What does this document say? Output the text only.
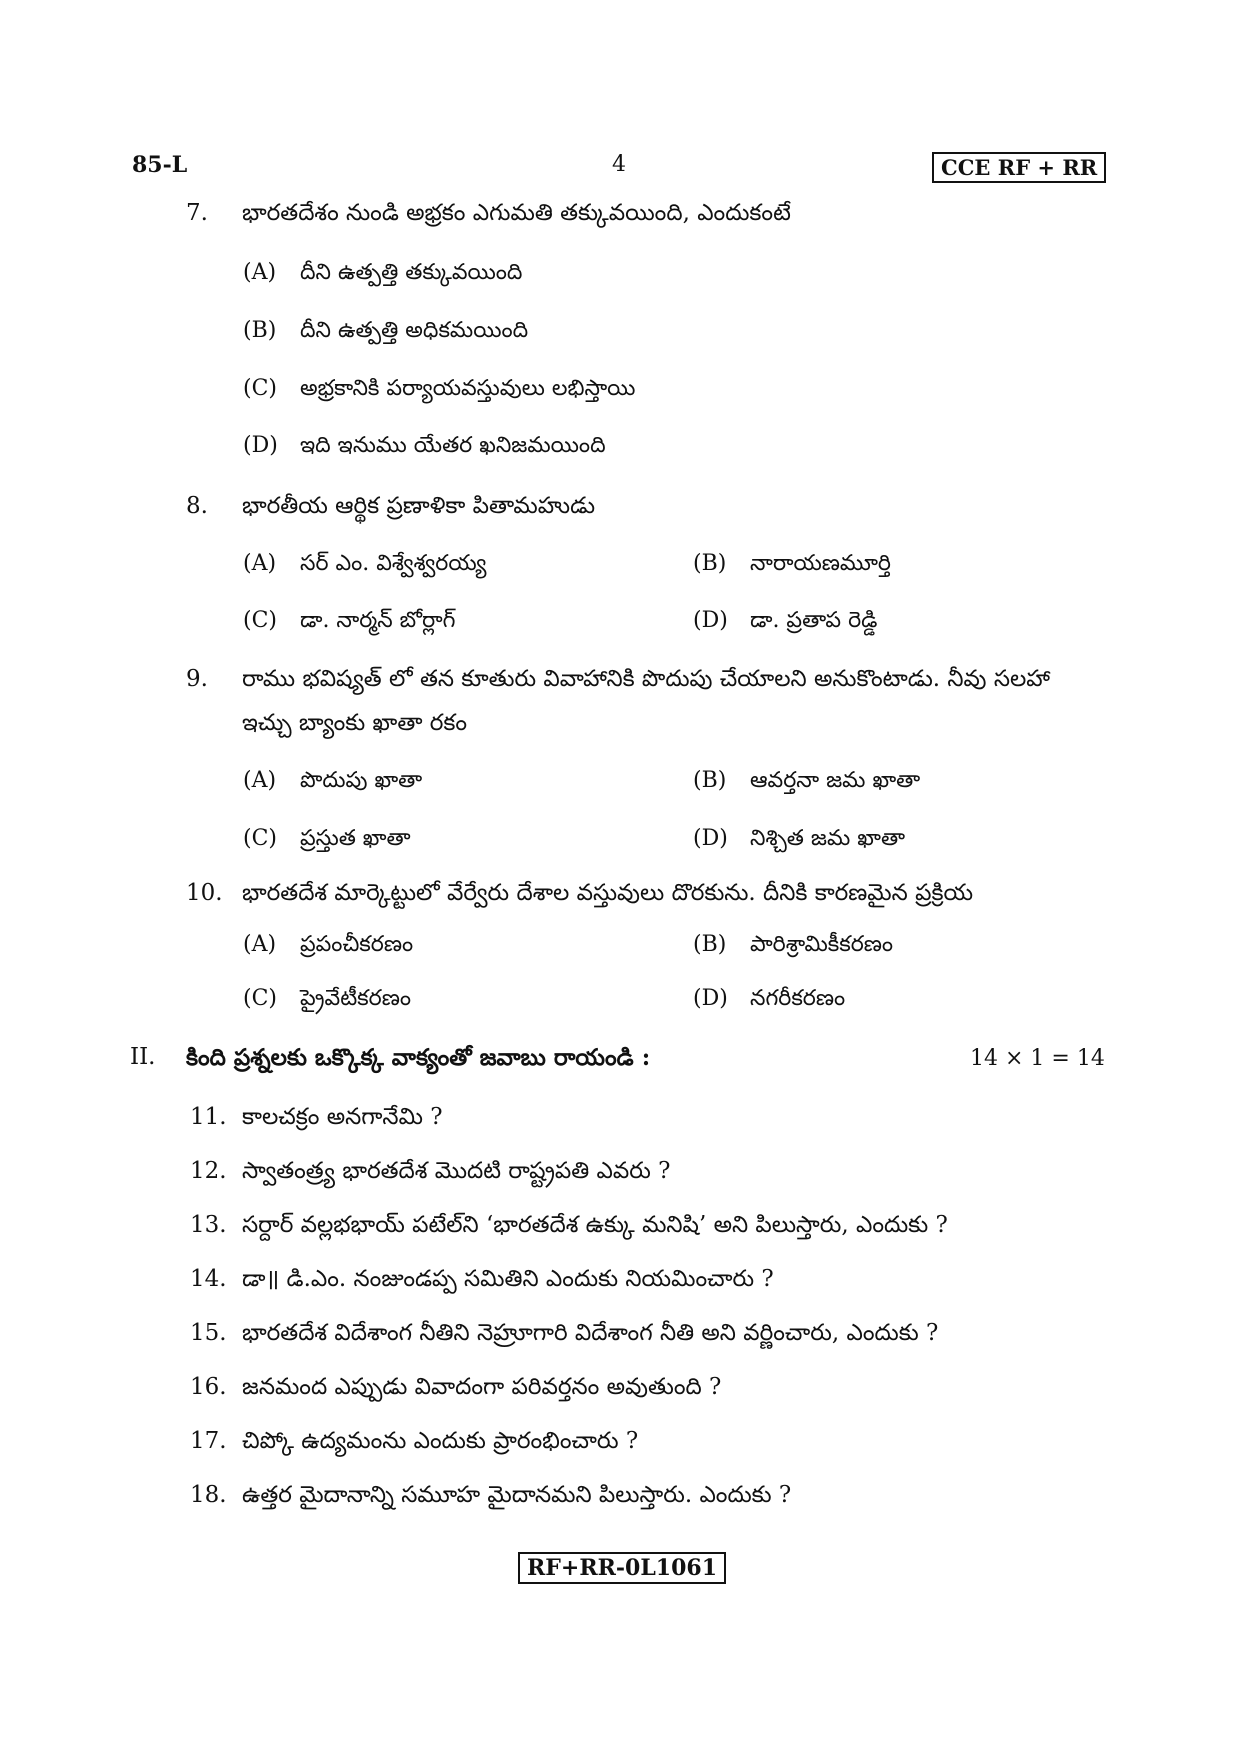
85-L	4	CCE RF + RR
7. భారతదేశం నుండి అభ్రకం ఎగుమతి తక్కువయింది, ఎందుకంటే
(A)	దీని ఉత్పత్తి తక్కువయింది
(B)	దీని ఉత్పత్తి అధికమయింది
(C)	అభ్రకానికి పర్యాయవస్తువులు లభిస్తాయి
(D)	ఇది ఇనుము యేతర ఖనిజమయింది
8. భారతీయ ఆర్థిక ప్రణాళికా పితామహుడు
(A)	సర్ ఎం. విశ్వేశ్వరయ్య	(B)	నారాయణమూర్తి
(C)	డా. నార్మన్ బోర్లాగ్	(D)	డా. ప్రతాప రెడ్డి
9. రాము భవిష్యత్ లో తన కూతురు వివాహానికి పొదుపు చేయాలని అనుకొంటాడు. నీవు సలహా
ఇచ్చు బ్యాంకు ఖాతా రకం
(A)	పొదుపు ఖాతా	(B)	ఆవర్తనా జమ ఖాతా
(C)	ప్రస్తుత ఖాతా	(D)	నిశ్చిత జమ ఖాతా
10. భారతదేశ మార్కెట్టులో వేర్వేరు దేశాల వస్తువులు దొరకును. దీనికి కారణమైన ప్రక్రియ
(A)	ప్రపంచీకరణం	(B)	పారిశ్రామికీకరణం
(C)	ప్రైవేటీకరణం	(D)	నగరీకరణం
II. కింది ప్రశ్నలకు ఒక్కొక్క వాక్యంతో జవాబు రాయండి :	14 × 1 = 14
11. కాలచక్రం అనగానేమి ?
12. స్వాతంత్ర్య భారతదేశ మొదటి రాష్ట్రపతి ఎవరు ?
13. సర్దార్ వల్లభభాయ్ పటేల్‌ని ‘భారతదేశ ఉక్కు మనిషి’ అని పిలుస్తారు, ఎందుకు ?
14. డా॥ డి.ఎం. నంజుండప్ప సమితిని ఎందుకు నియమించారు ?
15. భారతదేశ విదేశాంగ నీతిని నెహ్రూగారి విదేశాంగ నీతి అని వర్ణించారు, ఎందుకు ?
16. జనమంద ఎప్పుడు వివాదంగా పరివర్తనం అవుతుంది ?
17. చిప్కో ఉద్యమంను ఎందుకు ప్రారంభించారు ?
18. ఉత్తర మైదానాన్ని సమూహ మైదానమని పిలుస్తారు. ఎందుకు ?
RF+RR-0L1061
